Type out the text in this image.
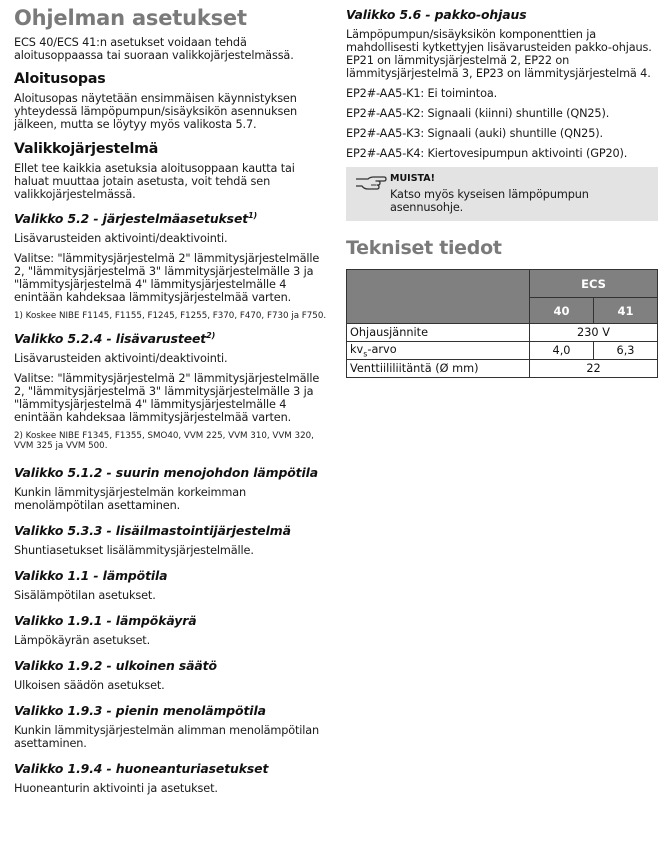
Ohjelman asetukset
ECS 40/ECS 41:n asetukset voidaan tehdä aloitusoppaassa tai suoraan valikkojärjestelmässä.
Aloitusopas
Aloitusopas näytetään ensimmäisen käynnistyksen yhteydessä lämpöpumpun/sisäyksikön asennuksen jälkeen, mutta se löytyy myös valikosta 5.7.
Valikkojärjestelmä
Ellet tee kaikkia asetuksia aloitusoppaan kautta tai haluat muuttaa jotain asetusta, voit tehdä sen valikkojärjestelmässä.
Valikko 5.2 - järjestelmäasetukset$^{1)}$
Lisävarusteiden aktivointi/deaktivointi.
Valitse: "lämmitysjärjestelmä 2" lämmitysjärjestelmälle 2, "lämmitysjärjestelmä 3" lämmitysjärjestelmälle 3 ja "lämmitysjärjestelmä 4" lämmitysjärjestelmälle 4 enintään kahdeksaa lämmitysjärjestelmää varten.
1) Koskee NIBE F1145, F1155, F1245, F1255, F370, F470, F730 ja F750.
Valikko 5.2.4 - lisävarusteet$^{2)}$
Lisävarusteiden aktivointi/deaktivointi.
Valitse: "lämmitysjärjestelmä 2" lämmitysjärjestelmälle 2, "lämmitysjärjestelmä 3" lämmitysjärjestelmälle 3 ja "lämmitysjärjestelmä 4" lämmitysjärjestelmälle 4 enintään kahdeksaa lämmitysjärjestelmää varten.
2) Koskee NIBE F1345, F1355, SMO40, VVM 225, VVM 310, VVM 320, VVM 325 ja VVM 500.
Valikko 5.1.2 - suurin menojohdon lämpötila
Kunkin lämmitysjärjestelmän korkeimman menolämpötilan asettaminen.
Valikko 5.3.3 - lisäilmastointijärjestelmä
Shuntiasetukset lisälämmitysjärjestelmälle.
Valikko 1.1 - lämpötila
Sisälämpötilan asetukset.
Valikko 1.9.1 - lämpökäyrä
Lämpökäyrän asetukset.
Valikko 1.9.2 - ulkoinen säätö
Ulkoisen säädön asetukset.
Valikko 1.9.3 - pienin menolämpötila
Kunkin lämmitysjärjestelmän alimman menolämpötilan asettaminen.
Valikko 1.9.4 - huoneanturiasetukset
Huoneanturin aktivointi ja asetukset.
Valikko 5.6 - pakko-ohjaus
Lämpöpumpun/sisäyksikön komponenttien ja mahdollisesti kytkettyjen lisävarusteiden pakko-ohjaus. EP21 on lämmitysjärjestelmä 2, EP22 on lämmitysjärjestelmä 3, EP23 on lämmitysjärjestelmä 4.
EP2#-AA5-K1: Ei toimintoa.
EP2#-AA5-K2: Signaali (kiinni) shuntille (QN25).
EP2#-AA5-K3: Signaali (auki) shuntille (QN25).
EP2#-AA5-K4: Kiertovesipumpun aktivointi (GP20).
MUISTA!
Katso myös kyseisen lämpöpumpun asennusohje.
Tekniset tiedot
	ECS	
	40	41
Ohjausjännite	230 V	
$kv_s$-arvo	4,0	6,3
Venttiililiitäntä (Ø mm)	22	
